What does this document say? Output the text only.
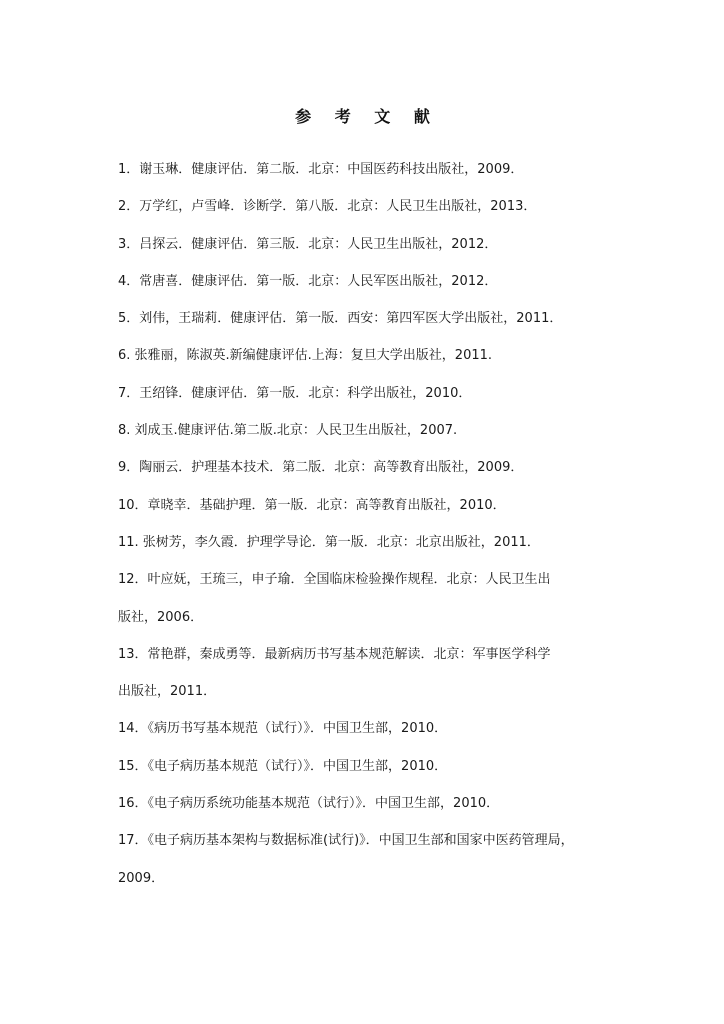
参 考 文 献
1．谢玉琳．健康评估．第二版．北京：中国医药科技出版社，2009．
2．万学红，卢雪峰．诊断学．第八版．北京：人民卫生出版社，2013．
3．吕探云．健康评估．第三版．北京：人民卫生出版社，2012．
4．常唐喜．健康评估．第一版．北京：人民军医出版社，2012．
5．刘伟，王瑞莉．健康评估．第一版．西安：第四军医大学出版社，2011．
6. 张雅丽，陈淑英.新编健康评估.上海：复旦大学出版社，2011.
7．王绍锋．健康评估．第一版．北京：科学出版社，2010．
8. 刘成玉.健康评估.第二版.北京：人民卫生出版社，2007.
9．陶丽云．护理基本技术．第二版．北京：高等教育出版社，2009．
10．章晓幸．基础护理．第一版．北京：高等教育出版社，2010．
11. 张树芳，李久霞．护理学导论．第一版．北京：北京出版社，2011．
12．叶应妩，王琉三，申子瑜．全国临床检验操作规程．北京：人民卫生出
版社，2006．
13．常艳群，秦成勇等．最新病历书写基本规范解读．北京：军事医学科学
出版社，2011．
14．《病历书写基本规范（试行）》．中国卫生部，2010．
15．《电子病历基本规范（试行）》．中国卫生部，2010．
16．《电子病历系统功能基本规范（试行）》．中国卫生部，2010．
17．《电子病历基本架构与数据标准(试行)》．中国卫生部和国家中医药管理局，
2009．
